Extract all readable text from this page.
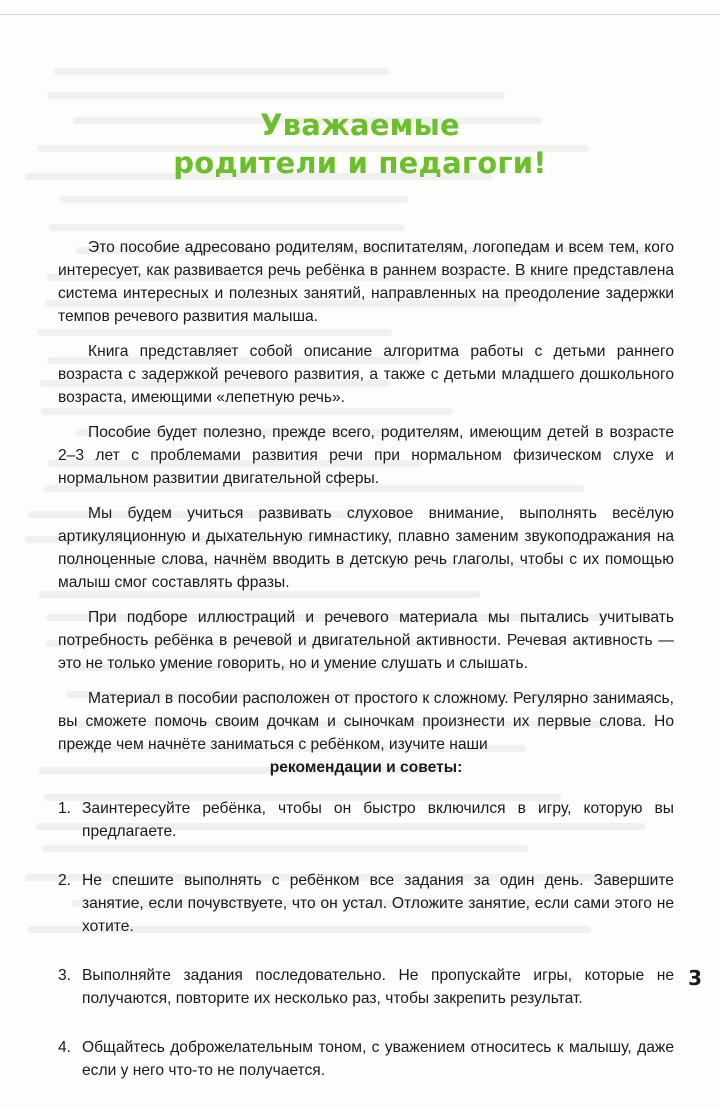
Уважаемые
родители и педагоги!

Это пособие адресовано родителям, воспитателям, логопедам и всем тем, кого интересует, как развивается речь ребёнка в раннем возрасте. В книге представлена система интересных и полезных занятий, направленных на преодоление задержки темпов речевого развития малыша.

Книга представляет собой описание алгоритма работы с детьми раннего возраста с задержкой речевого развития, а также с детьми младшего дошкольного возраста, имеющими «лепетную речь».

Пособие будет полезно, прежде всего, родителям, имеющим детей в возрасте 2–3 лет с проблемами развития речи при нормальном физическом слухе и нормальном развитии двигательной сферы.

Мы будем учиться развивать слуховое внимание, выполнять весёлую артикуляционную и дыхательную гимнастику, плавно заменим звукоподражания на полноценные слова, начнём вводить в детскую речь глаголы, чтобы с их помощью малыш смог составлять фразы.

При подборе иллюстраций и речевого материала мы пытались учитывать потребность ребёнка в речевой и двигательной активности. Речевая активность — это не только умение говорить, но и умение слушать и слышать.

Материал в пособии расположен от простого к сложному. Регулярно занимаясь, вы сможете помочь своим дочкам и сыночкам произнести их первые слова. Но прежде чем начнёте заниматься с ребёнком, изучите наши

рекомендации и советы:

1. Заинтересуйте ребёнка, чтобы он быстро включился в игру, которую вы предлагаете.
2. Не спешите выполнять с ребёнком все задания за один день. Завершите занятие, если почувствуете, что он устал. Отложите занятие, если сами этого не хотите.
3. Выполняйте задания последовательно. Не пропускайте игры, которые не получаются, повторите их несколько раз, чтобы закрепить результат.
4. Общайтесь доброжелательным тоном, с уважением относитесь к малышу, даже если у него что-то не получается.
3
